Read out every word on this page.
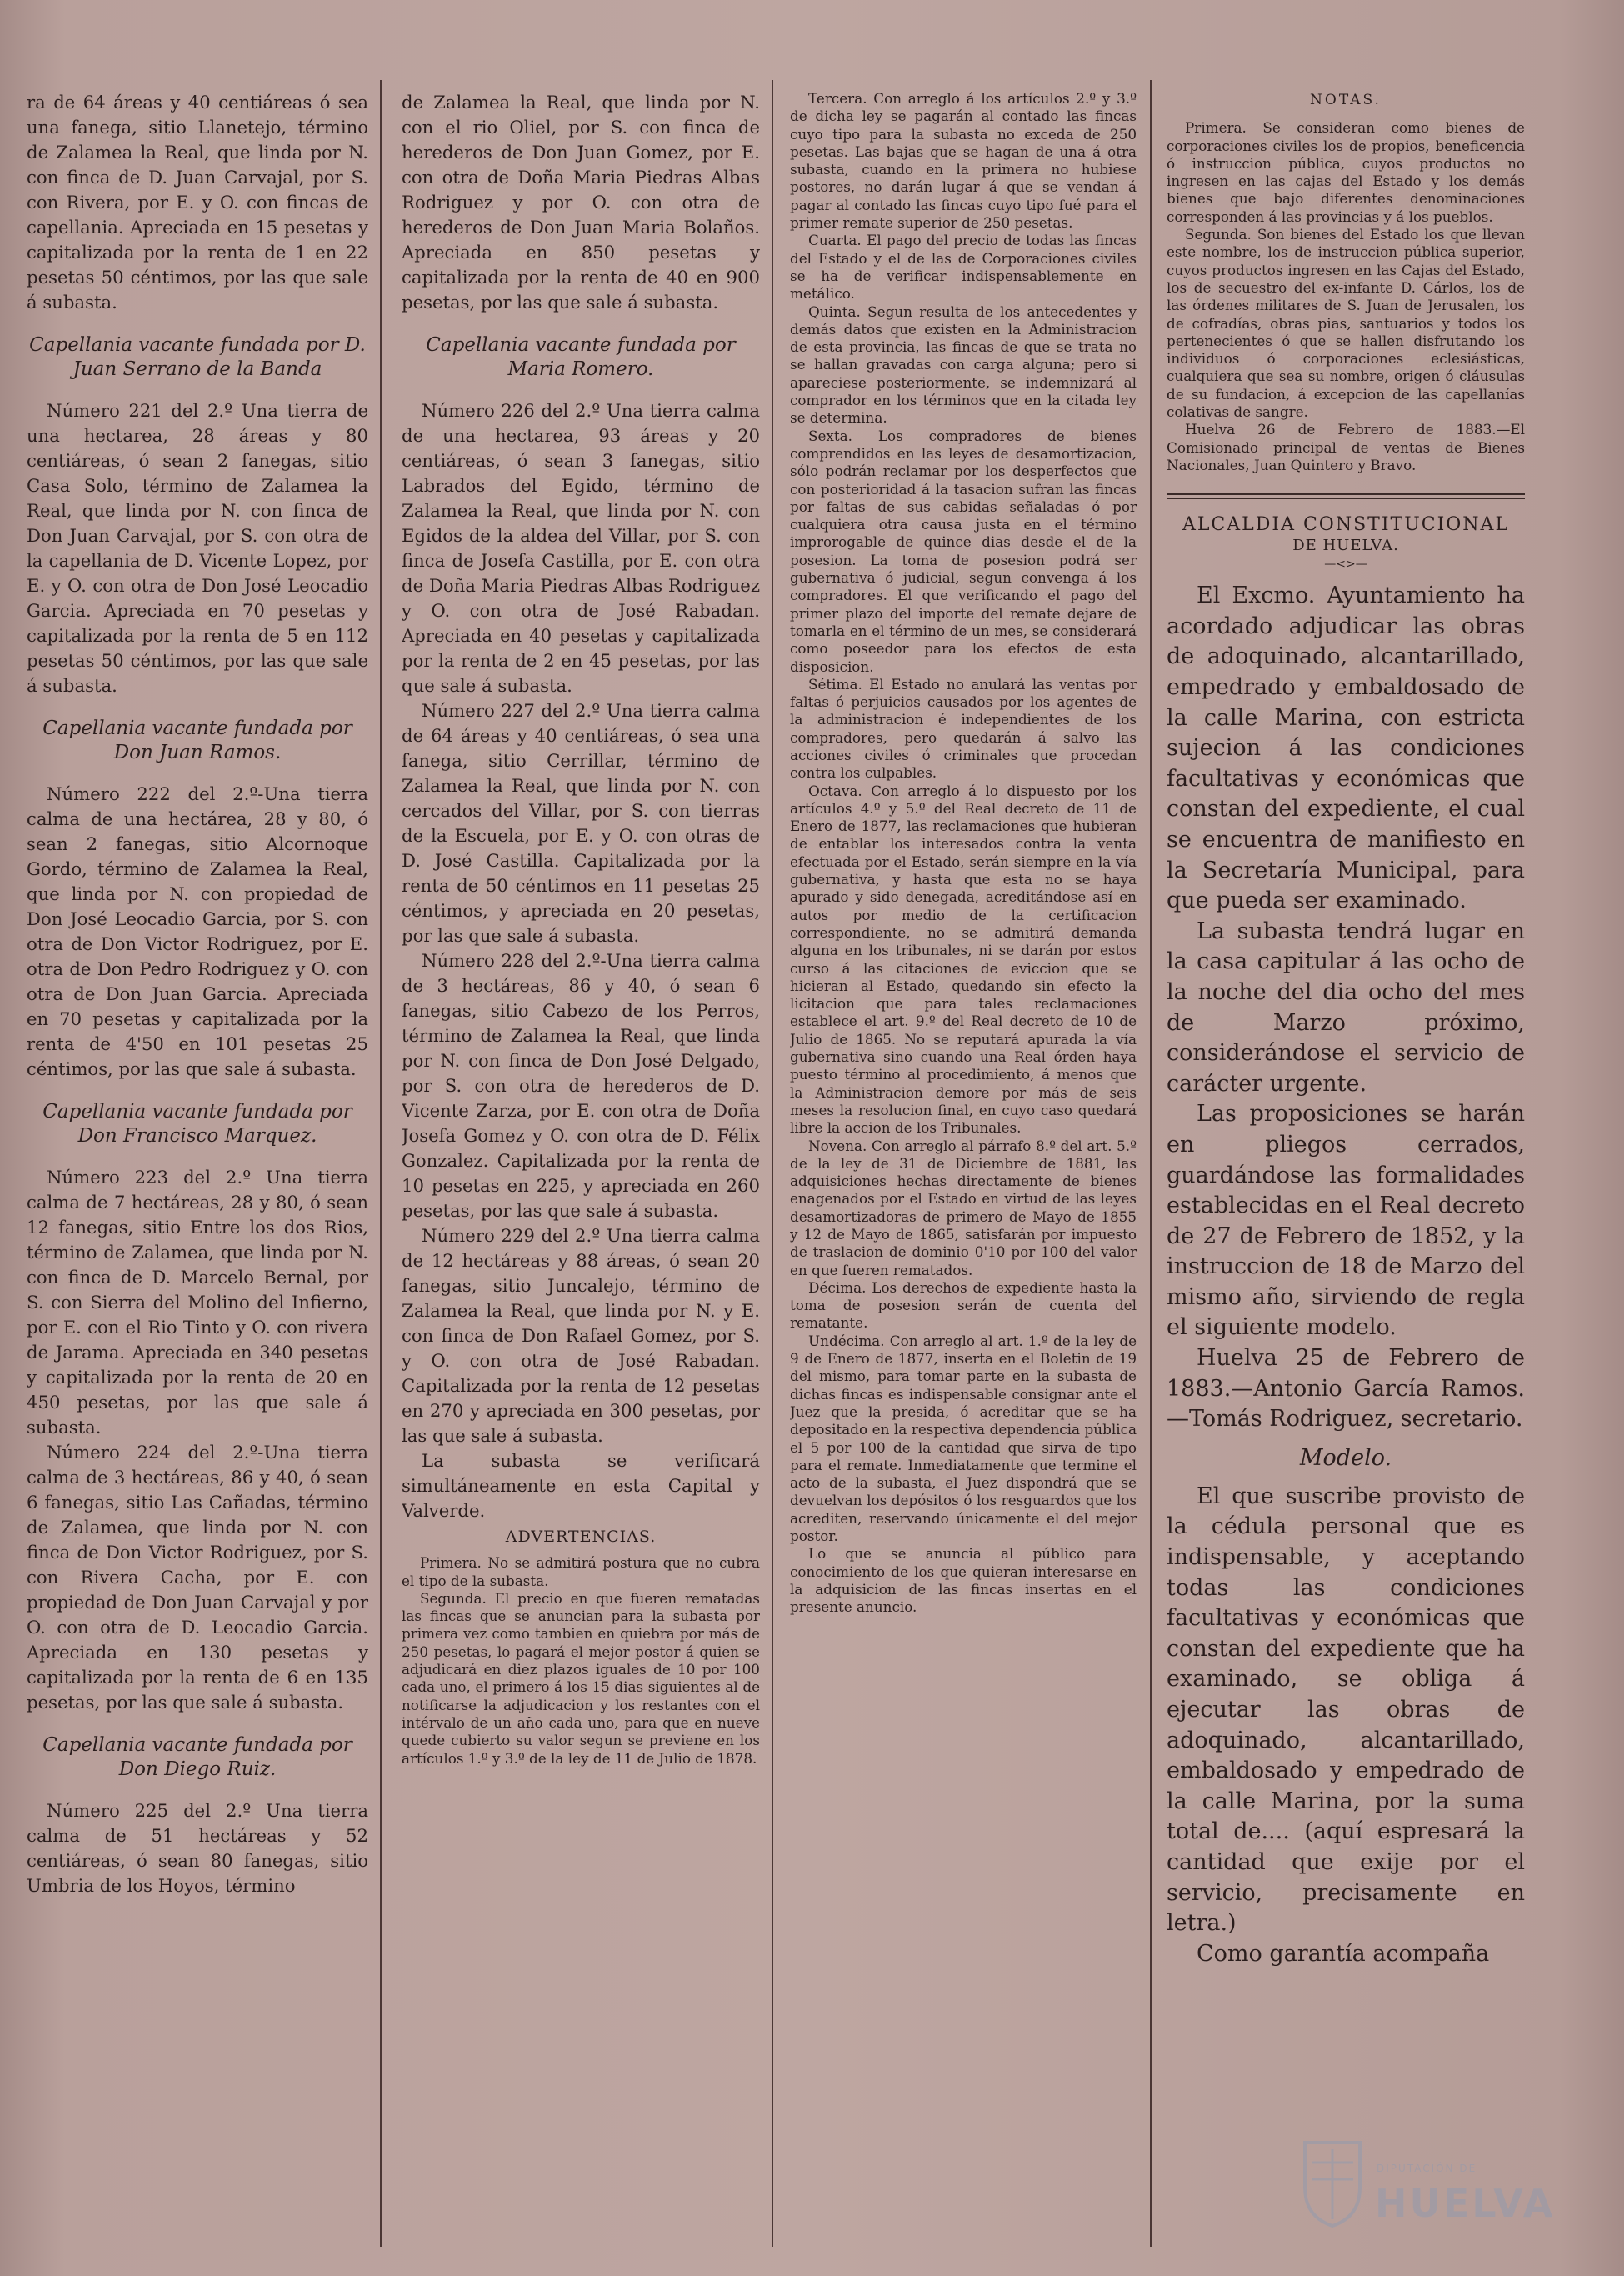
ra de 64 áreas y 40 centiáreas ó sea una fanega, sitio Llanetejo, término de Zalamea la Real, que linda por N. con finca de D. Juan Carvajal, por S. con Rivera, por E. y O. con fincas de capellania. Apreciada en 15 pesetas y capitalizada por la renta de 1 en 22 pesetas 50 céntimos, por las que sale á subasta.

Capellania vacante fundada por D. Juan Serrano de la Banda

Número 221 del 2.º Una tierra de una hectarea, 28 áreas y 80 centiáreas, ó sean 2 fanegas, sitio Casa Solo, término de Zalamea la Real, que linda por N. con finca de Don Juan Carvajal, por S. con otra de la capellania de D. Vicente Lopez, por E. y O. con otra de Don José Leocadio Garcia. Apreciada en 70 pesetas y capitalizada por la renta de 5 en 112 pesetas 50 céntimos, por las que sale á subasta.

Capellania vacante fundada por Don Juan Ramos.

Número 222 del 2.º-Una tierra calma de una hectárea, 28 y 80, ó sean 2 fanegas, sitio Alcornoque Gordo, término de Zalamea la Real, que linda por N. con propiedad de Don José Leocadio Garcia, por S. con otra de Don Victor Rodriguez, por E. otra de Don Pedro Rodriguez y O. con otra de Don Juan Garcia. Apreciada en 70 pesetas y capitalizada por la renta de 4'50 en 101 pesetas 25 céntimos, por las que sale á subasta.

Capellania vacante fundada por Don Francisco Marquez.

Número 223 del 2.º Una tierra calma de 7 hectáreas, 28 y 80, ó sean 12 fanegas, sitio Entre los dos Rios, término de Zalamea, que linda por N. con finca de D. Marcelo Bernal, por S. con Sierra del Molino del Infierno, por E. con el Rio Tinto y O. con rivera de Jarama. Apreciada en 340 pesetas y capitalizada por la renta de 20 en 450 pesetas, por las que sale á subasta.

Número 224 del 2.º-Una tierra calma de 3 hectáreas, 86 y 40, ó sean 6 fanegas, sitio Las Cañadas, término de Zalamea, que linda por N. con finca de Don Victor Rodriguez, por S. con Rivera Cacha, por E. con propiedad de Don Juan Carvajal y por O. con otra de D. Leocadio Garcia. Apreciada en 130 pesetas y capitalizada por la renta de 6 en 135 pesetas, por las que sale á subasta.

Capellania vacante fundada por Don Diego Ruiz.

Número 225 del 2.º Una tierra calma de 51 hectáreas y 52 centiáreas, ó sean 80 fanegas, sitio Umbria de los Hoyos, término

de Zalamea la Real, que linda por N. con el rio Oliel, por S. con finca de herederos de Don Juan Gomez, por E. con otra de Doña Maria Piedras Albas Rodriguez y por O. con otra de herederos de Don Juan Maria Bolaños. Apreciada en 850 pesetas y capitalizada por la renta de 40 en 900 pesetas, por las que sale á subasta.

Capellania vacante fundada por Maria Romero.

Número 226 del 2.º Una tierra calma de una hectarea, 93 áreas y 20 centiáreas, ó sean 3 fanegas, sitio Labrados del Egido, término de Zalamea la Real, que linda por N. con Egidos de la aldea del Villar, por S. con finca de Josefa Castilla, por E. con otra de Doña Maria Piedras Albas Rodriguez y O. con otra de José Rabadan. Apreciada en 40 pesetas y capitalizada por la renta de 2 en 45 pesetas, por las que sale á subasta.

Número 227 del 2.º Una tierra calma de 64 áreas y 40 centiáreas, ó sea una fanega, sitio Cerrillar, término de Zalamea la Real, que linda por N. con cercados del Villar, por S. con tierras de la Escuela, por E. y O. con otras de D. José Castilla. Capitalizada por la renta de 50 céntimos en 11 pesetas 25 céntimos, y apreciada en 20 pesetas, por las que sale á subasta.

Número 228 del 2.º-Una tierra calma de 3 hectáreas, 86 y 40, ó sean 6 fanegas, sitio Cabezo de los Perros, término de Zalamea la Real, que linda por N. con finca de Don José Delgado, por S. con otra de herederos de D. Vicente Zarza, por E. con otra de Doña Josefa Gomez y O. con otra de D. Félix Gonzalez. Capitalizada por la renta de 10 pesetas en 225, y apreciada en 260 pesetas, por las que sale á subasta.

Número 229 del 2.º Una tierra calma de 12 hectáreas y 88 áreas, ó sean 20 fanegas, sitio Juncalejo, término de Zalamea la Real, que linda por N. y E. con finca de Don Rafael Gomez, por S. y O. con otra de José Rabadan. Capitalizada por la renta de 12 pesetas en 270 y apreciada en 300 pesetas, por las que sale á subasta.

La subasta se verificará simultáneamente en esta Capital y Valverde.

ADVERTENCIAS.

Primera. No se admitirá postura que no cubra el tipo de la subasta.

Segunda. El precio en que fueren rematadas las fincas que se anuncian para la subasta por primera vez como tambien en quiebra por más de 250 pesetas, lo pagará el mejor postor á quien se adjudicará en diez plazos iguales de 10 por 100 cada uno, el primero á los 15 dias siguientes al de notificarse la adjudicacion y los restantes con el intérvalo de un año cada uno, para que en nueve quede cubierto su valor segun se previene en los artículos 1.º y 3.º de la ley de 11 de Julio de 1878.

Tercera. Con arreglo á los artículos 2.º y 3.º de dicha ley se pagarán al contado las fincas cuyo tipo para la subasta no exceda de 250 pesetas. Las bajas que se hagan de una á otra subasta, cuando en la primera no hubiese postores, no darán lugar á que se vendan á pagar al contado las fincas cuyo tipo fué para el primer remate superior de 250 pesetas.

Cuarta. El pago del precio de todas las fincas del Estado y el de las de Corporaciones civiles se ha de verificar indispensablemente en metálico.

Quinta. Segun resulta de los antecedentes y demás datos que existen en la Administracion de esta provincia, las fincas de que se trata no se hallan gravadas con carga alguna; pero si apareciese posteriormente, se indemnizará al comprador en los términos que en la citada ley se determina.

Sexta. Los compradores de bienes comprendidos en las leyes de desamortizacion, sólo podrán reclamar por los desperfectos que con posterioridad á la tasacion sufran las fincas por faltas de sus cabidas señaladas ó por cualquiera otra causa justa en el término improrogable de quince dias desde el de la posesion. La toma de posesion podrá ser gubernativa ó judicial, segun convenga á los compradores. El que verificando el pago del primer plazo del importe del remate dejare de tomarla en el término de un mes, se considerará como poseedor para los efectos de esta disposicion.

Sétima. El Estado no anulará las ventas por faltas ó perjuicios causados por los agentes de la administracion é independientes de los compradores, pero quedarán á salvo las acciones civiles ó criminales que procedan contra los culpables.

Octava. Con arreglo á lo dispuesto por los artículos 4.º y 5.º del Real decreto de 11 de Enero de 1877, las reclamaciones que hubieran de entablar los interesados contra la venta efectuada por el Estado, serán siempre en la vía gubernativa, y hasta que esta no se haya apurado y sido denegada, acreditándose así en autos por medio de la certificacion correspondiente, no se admitirá demanda alguna en los tribunales, ni se darán por estos curso á las citaciones de eviccion que se hicieran al Estado, quedando sin efecto la licitacion que para tales reclamaciones establece el art. 9.º del Real decreto de 10 de Julio de 1865. No se reputará apurada la vía gubernativa sino cuando una Real órden haya puesto término al procedimiento, á menos que la Administracion demore por más de seis meses la resolucion final, en cuyo caso quedará libre la accion de los Tribunales.

Novena. Con arreglo al párrafo 8.º del art. 5.º de la ley de 31 de Diciembre de 1881, las adquisiciones hechas directamente de bienes enagenados por el Estado en virtud de las leyes desamortizadoras de primero de Mayo de 1855 y 12 de Mayo de 1865, satisfarán por impuesto de traslacion de dominio 0'10 por 100 del valor en que fueren rematados.

Décima. Los derechos de expediente hasta la toma de posesion serán de cuenta del rematante.

Undécima. Con arreglo al art. 1.º de la ley de 9 de Enero de 1877, inserta en el Boletin de 19 del mismo, para tomar parte en la subasta de dichas fincas es indispensable consignar ante el Juez que la presida, ó acreditar que se ha depositado en la respectiva dependencia pública el 5 por 100 de la cantidad que sirva de tipo para el remate. Inmediatamente que termine el acto de la subasta, el Juez dispondrá que se devuelvan los depósitos ó los resguardos que los acrediten, reservando únicamente el del mejor postor.

Lo que se anuncia al público para conocimiento de los que quieran interesarse en la adquisicion de las fincas insertas en el presente anuncio.

NOTAS.

Primera. Se consideran como bienes de corporaciones civiles los de propios, beneficencia ó instruccion pública, cuyos productos no ingresen en las cajas del Estado y los demás bienes que bajo diferentes denominaciones corresponden á las provincias y á los pueblos.

Segunda. Son bienes del Estado los que llevan este nombre, los de instruccion pública superior, cuyos productos ingresen en las Cajas del Estado, los de secuestro del ex-infante D. Cárlos, los de las órdenes militares de S. Juan de Jerusalen, los de cofradías, obras pias, santuarios y todos los pertenecientes ó que se hallen disfrutando los individuos ó corporaciones eclesiásticas, cualquiera que sea su nombre, origen ó cláusulas de su fundacion, á excepcion de las capellanías colativas de sangre.

Huelva 26 de Febrero de 1883.—El Comisionado principal de ventas de Bienes Nacionales, Juan Quintero y Bravo.

ALCALDIA CONSTITUCIONAL

DE HUELVA.

—<>—

El Excmo. Ayuntamiento ha acordado adjudicar las obras de adoquinado, alcantarillado, empedrado y embaldosado de la calle Marina, con estricta sujecion á las condiciones facultativas y económicas que constan del expediente, el cual se encuentra de manifiesto en la Secretaría Municipal, para que pueda ser examinado.

La subasta tendrá lugar en la casa capitular á las ocho de la noche del dia ocho del mes de Marzo próximo, considerándose el servicio de carácter urgente.

Las proposiciones se harán en pliegos cerrados, guardándose las formalidades establecidas en el Real decreto de 27 de Febrero de 1852, y la instruccion de 18 de Marzo del mismo año, sirviendo de regla el siguiente modelo.

Huelva 25 de Febrero de 1883.—Antonio García Ramos.—Tomás Rodriguez, secretario.

Modelo.

El que suscribe provisto de la cédula personal que es indispensable, y aceptando todas las condiciones facultativas y económicas que constan del expediente que ha examinado, se obliga á ejecutar las obras de adoquinado, alcantarillado, embaldosado y empedrado de la calle Marina, por la suma total de.... (aquí espresará la cantidad que exije por el servicio, precisamente en letra.)

Como garantía acompaña

DIPUTACIÓN DE
HUELVA
